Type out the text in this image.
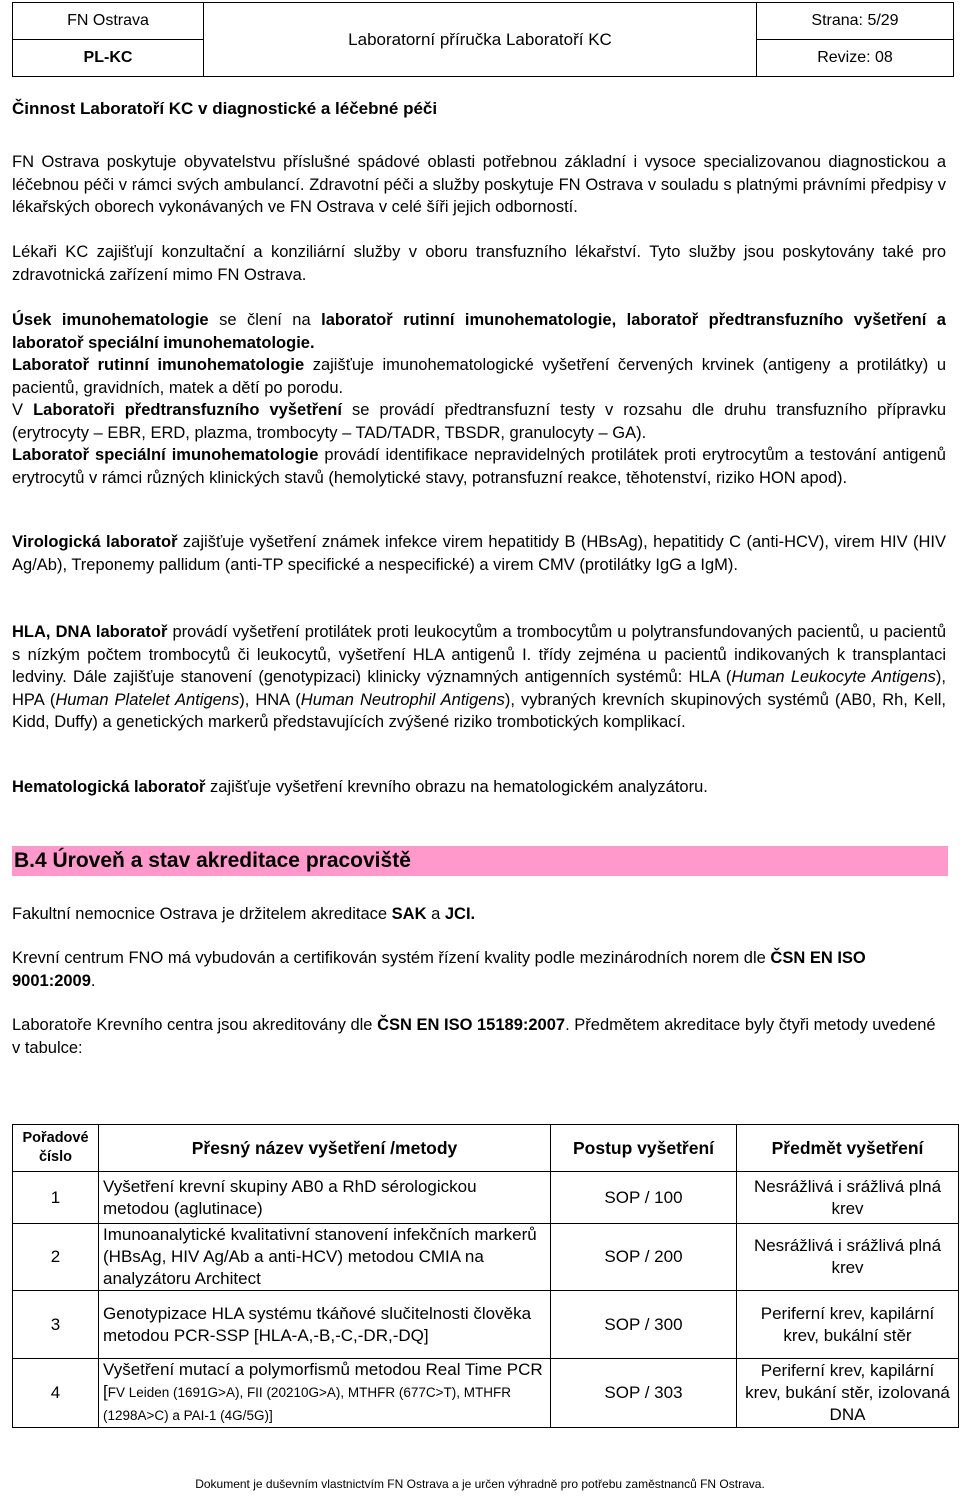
FN Ostrava	Laboratorní příručka Laboratoří KC	Strana: 5/29
PL-KC		Revize: 08
Činnost Laboratoří KC v diagnostické a léčebné péči

FN Ostrava poskytuje obyvatelstvu příslušné spádové oblasti potřebnou základní i vysoce specializovanou diagnostickou a léčebnou péči v rámci svých ambulancí. Zdravotní péči a služby poskytuje FN Ostrava v souladu s platnými právními předpisy v lékařských oborech vykonávaných ve FN Ostrava v celé šíři jejich odborností.

Lékaři KC zajišťují konzultační a konziliární služby v oboru transfuzního lékařství. Tyto služby jsou poskytovány také pro zdravotnická zařízení mimo FN Ostrava.

Úsek imunohematologie se člení na laboratoř rutinní imunohematologie, laboratoř předtransfuzního vyšetření a laboratoř speciální imunohematologie.
Laboratoř rutinní imunohematologie zajišťuje imunohematologické vyšetření červených krvinek (antigeny a protilátky) u pacientů, gravidních, matek a dětí po porodu.
V Laboratoři předtransfuzního vyšetření se provádí předtransfuzní testy v rozsahu dle druhu transfuzního přípravku (erytrocyty – EBR, ERD, plazma, trombocyty – TAD/TADR, TBSDR, granulocyty – GA).
Laboratoř speciální imunohematologie provádí identifikace nepravidelných protilátek proti erytrocytům a testování antigenů erytrocytů v rámci různých klinických stavů (hemolytické stavy, potransfuzní reakce, těhotenství, riziko HON apod).

Virologická laboratoř zajišťuje vyšetření známek infekce virem hepatitidy B (HBsAg), hepatitidy C (anti-HCV), virem HIV (HIV Ag/Ab), Treponemy pallidum (anti-TP specifické a nespecifické) a virem CMV (protilátky IgG a IgM).

HLA, DNA laboratoř provádí vyšetření protilátek proti leukocytům a trombocytům u polytransfundovaných pacientů, u pacientů s nízkým počtem trombocytů či leukocytů, vyšetření HLA antigenů I. třídy zejména u pacientů indikovaných k transplantaci ledviny. Dále zajišťuje stanovení (genotypizaci) klinicky významných antigenních systémů: HLA (Human Leukocyte Antigens), HPA (Human Platelet Antigens), HNA (Human Neutrophil Antigens), vybraných krevních skupinových systémů (AB0, Rh, Kell, Kidd, Duffy) a genetických markerů představujících zvýšené riziko trombotických komplikací.

Hematologická laboratoř zajišťuje vyšetření krevního obrazu na hematologickém analyzátoru.

B.4 Úroveň a stav akreditace pracoviště

Fakultní nemocnice Ostrava je držitelem akreditace SAK a JCI.

Krevní centrum FNO má vybudován a certifikován systém řízení kvality podle mezinárodních norem dle ČSN EN ISO 9001:2009.

Laboratoře Krevního centra jsou akreditovány dle ČSN EN ISO 15189:2007. Předmětem akreditace byly čtyři metody uvedené v tabulce:

Pořadové číslo	Přesný název vyšetření /metody	Postup vyšetření	Předmět vyšetření
1	Vyšetření krevní skupiny AB0 a RhD sérologickou metodou (aglutinace)	SOP / 100	Nesrážlivá i srážlivá plná krev
2	Imunoanalytické kvalitativní stanovení infekčních markerů (HBsAg, HIV Ag/Ab a anti-HCV) metodou CMIA na analyzátoru Architect	SOP / 200	Nesrážlivá i srážlivá plná krev
3	Genotypizace HLA systému tkáňové slučitelnosti člověka metodou PCR-SSP [HLA-A,-B,-C,-DR,-DQ]	SOP / 300	Periferní krev, kapilární krev, bukální stěr
4	Vyšetření mutací a polymorfismů metodou Real Time PCR [FV Leiden (1691G>A), FII (20210G>A), MTHFR (677C>T), MTHFR (1298A>C) a PAI-1 (4G/5G)]	SOP / 303	Periferní krev, kapilární krev, bukání stěr, izolovaná DNA
Dokument je duševním vlastnictvím FN Ostrava a je určen výhradně pro potřebu zaměstnanců FN Ostrava.
